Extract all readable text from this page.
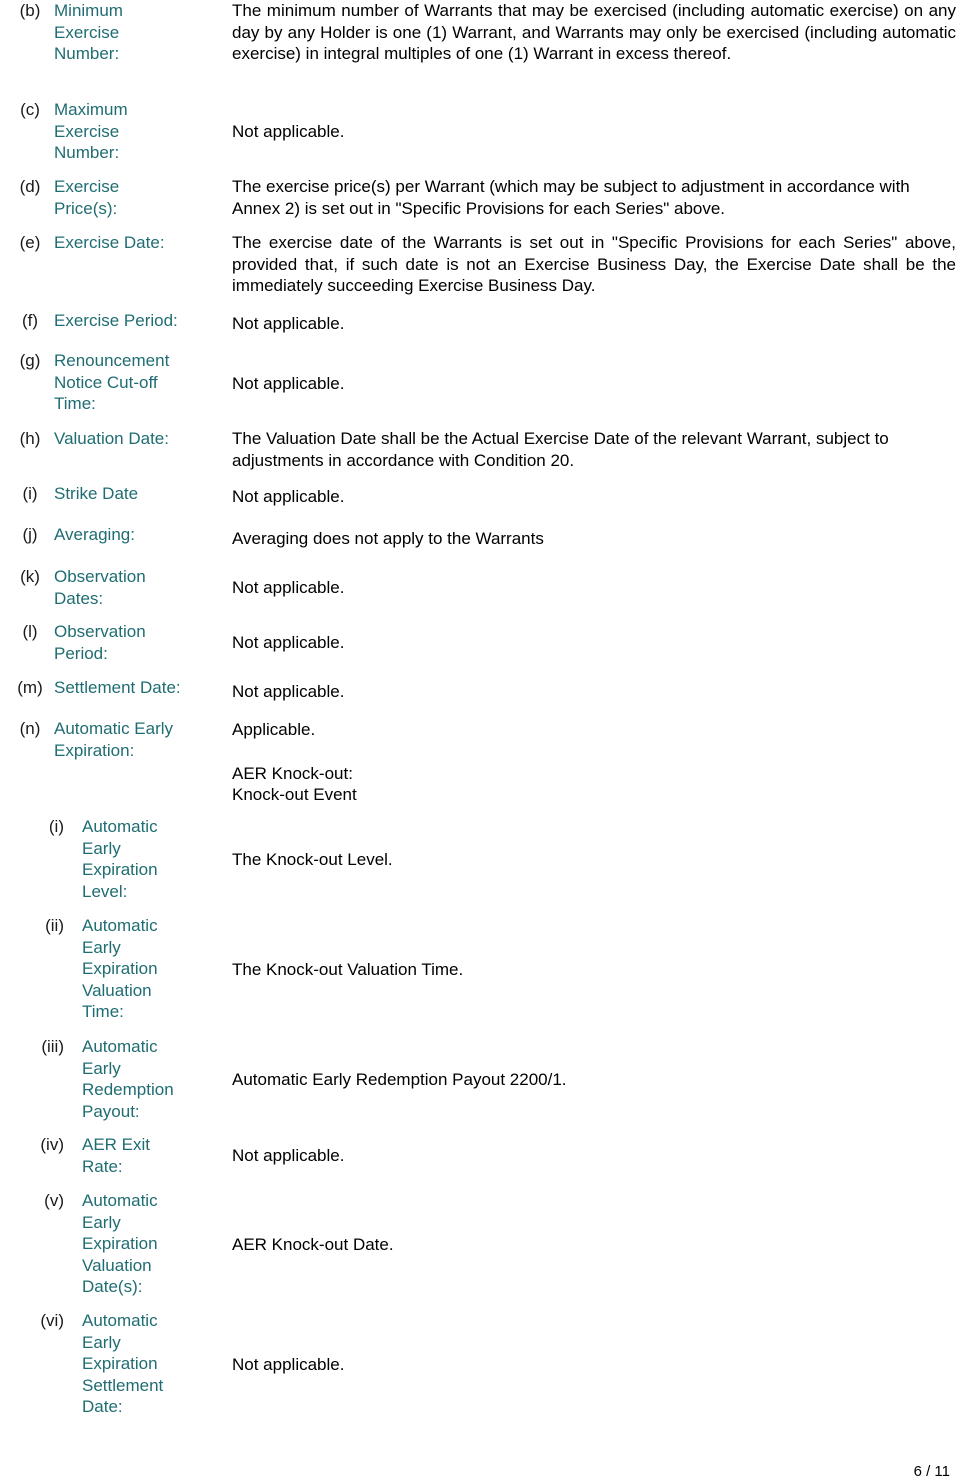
(b) Minimum Exercise Number:
The minimum number of Warrants that may be exercised (including automatic exercise) on any day by any Holder is one (1) Warrant, and Warrants may only be exercised (including automatic exercise) in integral multiples of one (1) Warrant in excess thereof.
(c) Maximum Exercise Number:
Not applicable.
(d) Exercise Price(s):
The exercise price(s) per Warrant (which may be subject to adjustment in accordance with Annex 2) is set out in "Specific Provisions for each Series" above.
(e) Exercise Date:	The exercise date of the Warrants is set out in "Specific Provisions for each Series" above, provided that, if such date is not an Exercise Business Day, the Exercise Date shall be the immediately succeeding Exercise Business Day.
(f) Exercise Period:	Not applicable.
(g) Renouncement Notice Cut-off Time:
Not applicable.
(h) Valuation Date:	The Valuation Date shall be the Actual Exercise Date of the relevant Warrant, subject to adjustments in accordance with Condition 20.
(i) Strike Date	Not applicable.
(j) Averaging:	Averaging does not apply to the Warrants
(k) Observation Dates:
Not applicable.
(l) Observation Period:
Not applicable.
(m) Settlement Date:	Not applicable.
(n) Automatic Early Expiration:
Applicable.
AER Knock-out:
Knock-out Event
(i) Automatic Early Expiration Level:
The Knock-out Level.
(ii) Automatic Early Expiration Valuation Time:
The Knock-out Valuation Time.
(iii) Automatic Early Redemption Payout:
Automatic Early Redemption Payout 2200/1.
(iv) AER Exit Rate:
Not applicable.
(v) Automatic Early Expiration Valuation Date(s):
AER Knock-out Date.
(vi) Automatic Early Expiration Settlement Date:
Not applicable.
6 / 11
